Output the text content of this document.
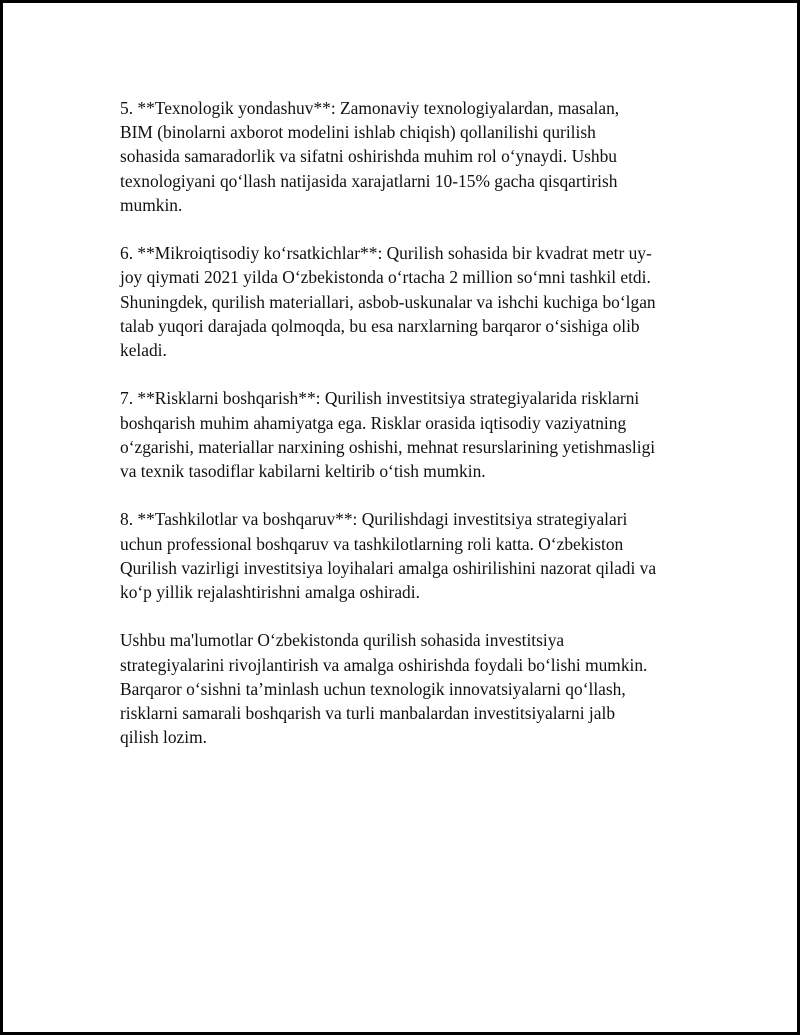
5. **Texnologik yondashuv**: Zamonaviy texnologiyalardan, masalan,
BIM (binolarni axborot modelini ishlab chiqish) qollanilishi qurilish
sohasida samaradorlik va sifatni oshirishda muhim rol oʻynaydi. Ushbu
texnologiyani qoʻllash natijasida xarajatlarni 10-15% gacha qisqartirish
mumkin.

6. **Mikroiqtisodiy koʻrsatkichlar**: Qurilish sohasida bir kvadrat metr uy-
joy qiymati 2021 yilda Oʻzbekistonda oʻrtacha 2 million soʻmni tashkil etdi.
Shuningdek, qurilish materiallari, asbob-uskunalar va ishchi kuchiga boʻlgan
talab yuqori darajada qolmoqda, bu esa narxlarning barqaror oʻsishiga olib
keladi.

7. **Risklarni boshqarish**: Qurilish investitsiya strategiyalarida risklarni
boshqarish muhim ahamiyatga ega. Risklar orasida iqtisodiy vaziyatning
oʻzgarishi, materiallar narxining oshishi, mehnat resurslarining yetishmasligi
va texnik tasodiflar kabilarni keltirib oʻtish mumkin.

8. **Tashkilotlar va boshqaruv**: Qurilishdagi investitsiya strategiyalari
uchun professional boshqaruv va tashkilotlarning roli katta. Oʻzbekiston
Qurilish vazirligi investitsiya loyihalari amalga oshirilishini nazorat qiladi va
koʻp yillik rejalashtirishni amalga oshiradi.

Ushbu ma'lumotlar Oʻzbekistonda qurilish sohasida investitsiya
strategiyalarini rivojlantirish va amalga oshirishda foydali boʻlishi mumkin.
Barqaror oʻsishni taʼminlash uchun texnologik innovatsiyalarni qoʻllash,
risklarni samarali boshqarish va turli manbalardan investitsiyalarni jalb
qilish lozim.
